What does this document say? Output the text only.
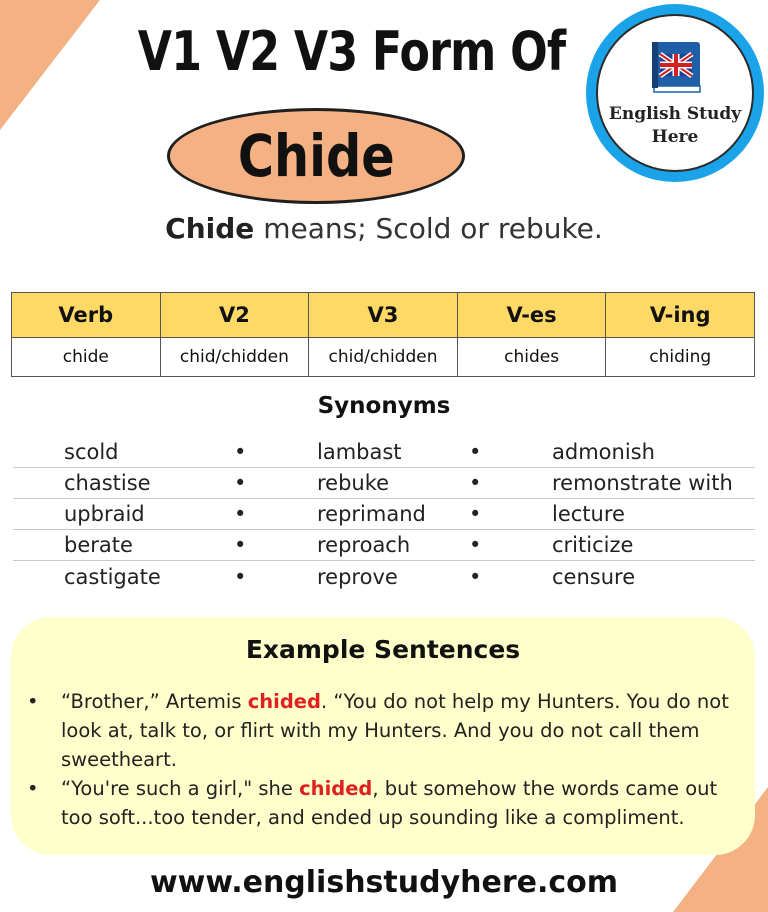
V1 V2 V3 Form Of
Chide
English Study
Here
Chide means; Scold or rebuke.
Verb	V2	V3	V-es	V-ing
chide	chid/chidden	chid/chidden	chides	chiding
Synonyms
• scold	• lambast	• admonish
• chastise	• rebuke	• remonstrate with
• upbraid	• reprimand	• lecture
• berate	• reproach	• criticize
• castigate	• reprove	• censure
Example Sentences
• “Brother,” Artemis chided. “You do not help my Hunters. You do not look at, talk to, or flirt with my Hunters. And you do not call them sweetheart.
• “You're such a girl," she chided, but somehow the words came out too soft...too tender, and ended up sounding like a compliment.
www.englishstudyhere.com
